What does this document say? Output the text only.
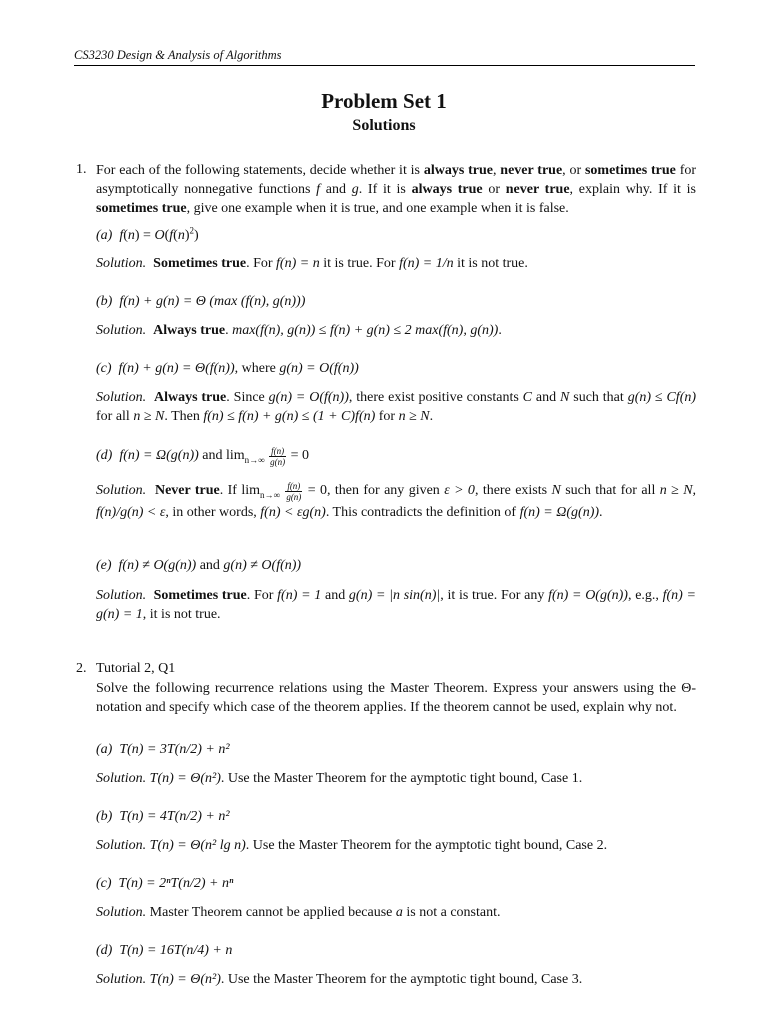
CS3230 Design & Analysis of Algorithms
Problem Set 1
Solutions
1. For each of the following statements, decide whether it is always true, never true, or sometimes true for asymptotically nonnegative functions f and g. If it is always true or never true, explain why. If it is sometimes true, give one example when it is true, and one example when it is false.
(a) $f(n) = O(f(n)^2)$
Solution. Sometimes true. For f(n) = n it is true. For f(n) = 1/n it is not true.
(b) f(n) + g(n) = Θ (max (f(n), g(n)))
Solution. Always true. max(f(n), g(n)) ≤ f(n) + g(n) ≤ 2 max(f(n), g(n)).
(c) f(n) + g(n) = Θ(f(n)), where g(n) = O(f(n))
Solution. Always true. Since g(n) = O(f(n)), there exist positive constants C and N such that g(n) ≤ Cf(n) for all n ≥ N. Then f(n) ≤ f(n) + g(n) ≤ (1 + C)f(n) for n ≥ N.
(d) f(n) = Ω(g(n)) and $\lim_{n\to\infty} \frac{f(n)}{g(n)} = 0$
Solution. Never true. If $\lim_{n\to\infty} \frac{f(n)}{g(n)} = 0$, then for any given ε > 0, there exists N such that for all n ≥ N, f(n)/g(n) < ε, in other words, f(n) < εg(n). This contradicts the definition of f(n) = Ω(g(n)).
(e) f(n) ≠ O(g(n)) and g(n) ≠ O(f(n))
Solution. Sometimes true. For f(n) = 1 and g(n) = |n sin(n)|, it is true. For any f(n) = O(g(n)), e.g., f(n) = g(n) = 1, it is not true.
2. Tutorial 2, Q1
Solve the following recurrence relations using the Master Theorem. Express your answers using the Θ-notation and specify which case of the theorem applies. If the theorem cannot be used, explain why not.
(a) T(n) = 3T(n/2) + n²
Solution. T(n) = Θ(n²). Use the Master Theorem for the aymptotic tight bound, Case 1.
(b) T(n) = 4T(n/2) + n²
Solution. T(n) = Θ(n² lg n). Use the Master Theorem for the aymptotic tight bound, Case 2.
(c) T(n) = 2ⁿT(n/2) + nⁿ
Solution. Master Theorem cannot be applied because a is not a constant.
(d) T(n) = 16T(n/4) + n
Solution. T(n) = Θ(n²). Use the Master Theorem for the aymptotic tight bound, Case 3.
